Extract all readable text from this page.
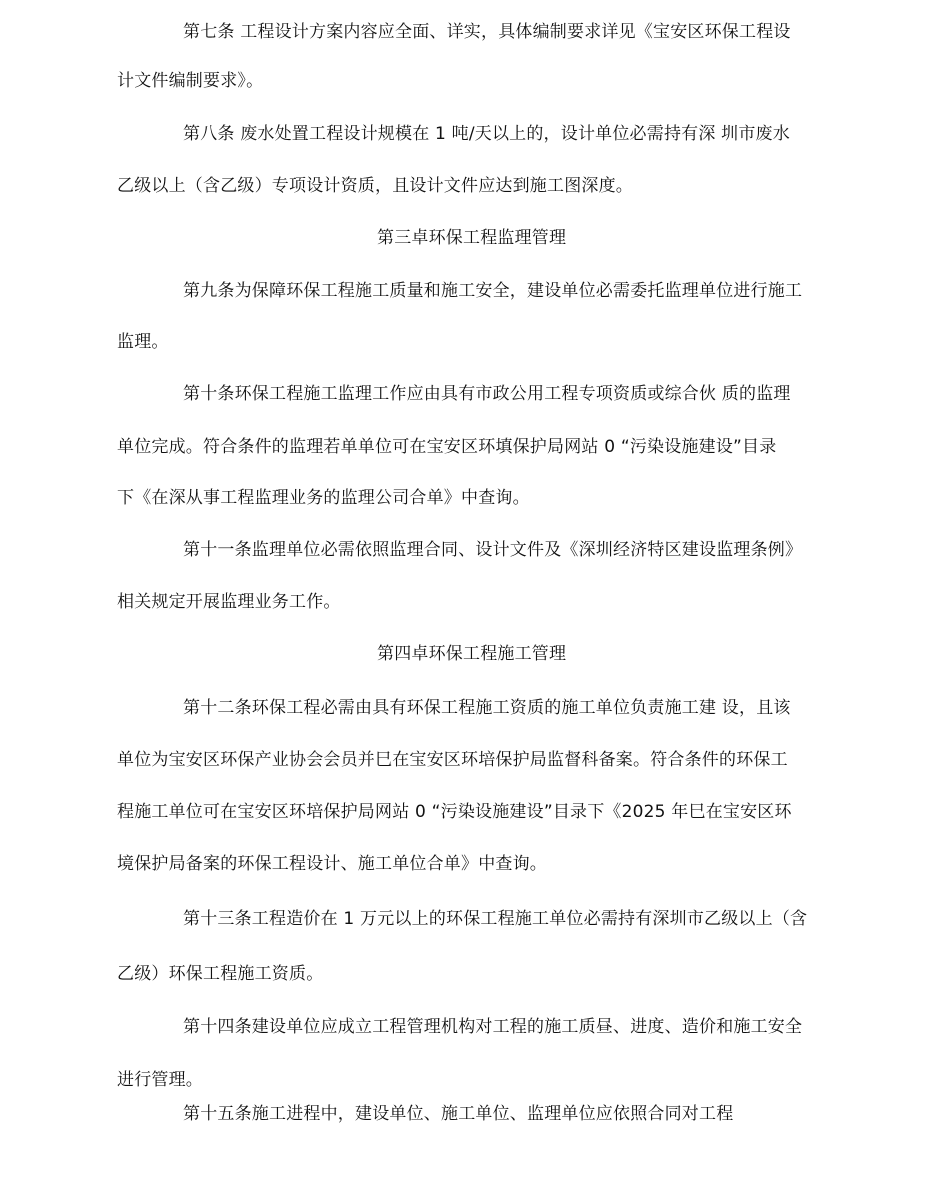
第七条 工程设计方案内容应全面、详实，具体编制要求详见《宝安区环保工程设
计文件编制要求》。
第八条 废水处置工程设计规模在 1 吨/天以上的，设计单位必需持有深 圳市废水
乙级以上（含乙级）专项设计资质，且设计文件应达到施工图深度。
第三卓环保工程监理管理
第九条为保障环保工程施工质量和施工安全，建设单位必需委托监理单位进行施工
监理。
第十条环保工程施工监理工作应由具有市政公用工程专项资质或综合伙 质的监理
单位完成。符合条件的监理若单单位可在宝安区环填保护局网站 0 “污染设施建设”目录
下《在深从事工程监理业务的监理公司合单》中查询。
第十一条监理单位必需依照监理合同、设计文件及《深圳经济特区建设监理条例》
相关规定开展监理业务工作。
第四卓环保工程施工管理
第十二条环保工程必需由具有环保工程施工资质的施工单位负责施工建 设，且该
单位为宝安区环保产业协会会员并巳在宝安区环培保护局监督科备案。符合条件的环保工
程施工单位可在宝安区环培保护局网站 0 “污染设施建设”目录下《2025 年巳在宝安区环
境保护局备案的环保工程设计、施工单位合单》中查询。
第十三条工程造价在 1 万元以上的环保工程施工单位必需持有深圳市乙级以上（含
乙级）环保工程施工资质。
第十四条建设单位应成立工程管理机构对工程的施工质昼、进度、造价和施工安全
进行管理。
第十五条施工进程中，建设单位、施工单位、监理单位应依照合同对工程
